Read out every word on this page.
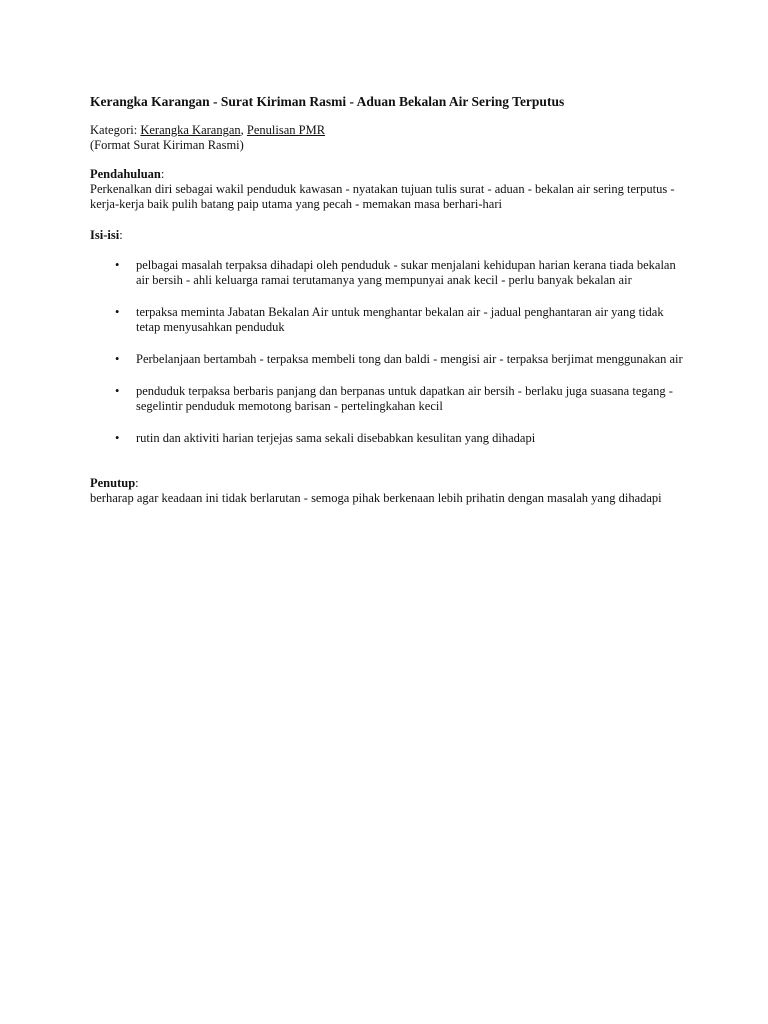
Kerangka Karangan - Surat Kiriman Rasmi - Aduan Bekalan Air Sering Terputus

Kategori: Kerangka Karangan, Penulisan PMR

(Format Surat Kiriman Rasmi)

Pendahuluan:

Perkenalkan diri sebagai wakil penduduk kawasan - nyatakan tujuan tulis surat - aduan - bekalan air sering terputus - kerja-kerja baik pulih batang paip utama yang pecah - memakan masa berhari-hari

Isi-isi:

• pelbagai masalah terpaksa dihadapi oleh penduduk - sukar menjalani kehidupan harian kerana tiada bekalan air bersih - ahli keluarga ramai terutamanya yang mempunyai anak kecil - perlu banyak bekalan air
• terpaksa meminta Jabatan Bekalan Air untuk menghantar bekalan air - jadual penghantaran air yang tidak tetap menyusahkan penduduk
• Perbelanjaan bertambah - terpaksa membeli tong dan baldi - mengisi air - terpaksa berjimat menggunakan air
• penduduk terpaksa berbaris panjang dan berpanas untuk dapatkan air bersih - berlaku juga suasana tegang - segelintir penduduk memotong barisan - pertelingkahan kecil
• rutin dan aktiviti harian terjejas sama sekali disebabkan kesulitan yang dihadapi

Penutup:

berharap agar keadaan ini tidak berlarutan - semoga pihak berkenaan lebih prihatin dengan masalah yang dihadapi
